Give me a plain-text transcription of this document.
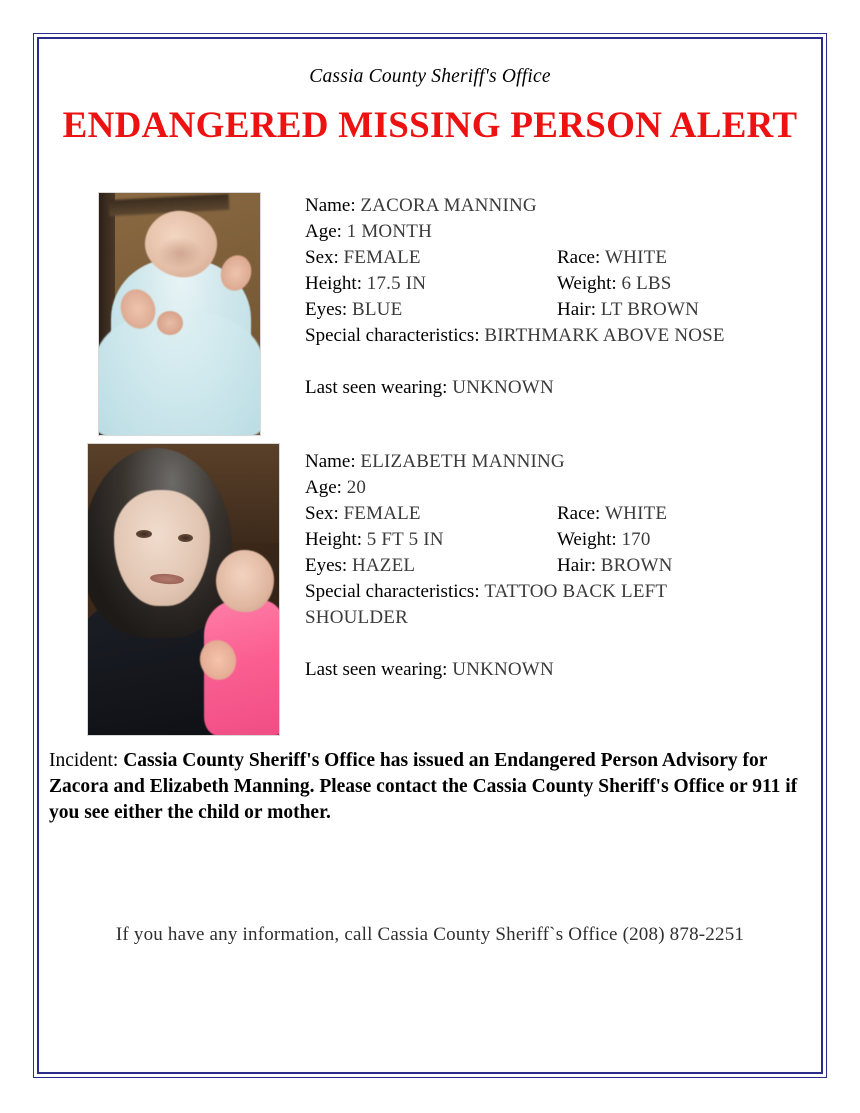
Cassia County Sheriff's Office
ENDANGERED MISSING PERSON ALERT
Name: ZACORA MANNING
Age: 1 MONTH
Sex: FEMALE	Race: WHITE
Height: 17.5 IN	Weight: 6 LBS
Eyes: BLUE	Hair: LT BROWN
Special characteristics: BIRTHMARK ABOVE NOSE
Last seen wearing: UNKNOWN
Name: ELIZABETH MANNING
Age: 20
Sex: FEMALE	Race: WHITE
Height: 5 FT 5 IN	Weight: 170
Eyes: HAZEL	Hair: BROWN
Special characteristics: TATTOO BACK LEFT SHOULDER
Last seen wearing: UNKNOWN
Incident: Cassia County Sheriff's Office has issued an Endangered Person Advisory for Zacora and Elizabeth Manning. Please contact the Cassia County Sheriff's Office or 911 if you see either the child or mother.
If you have any information, call Cassia County Sheriff`s Office (208) 878-2251
